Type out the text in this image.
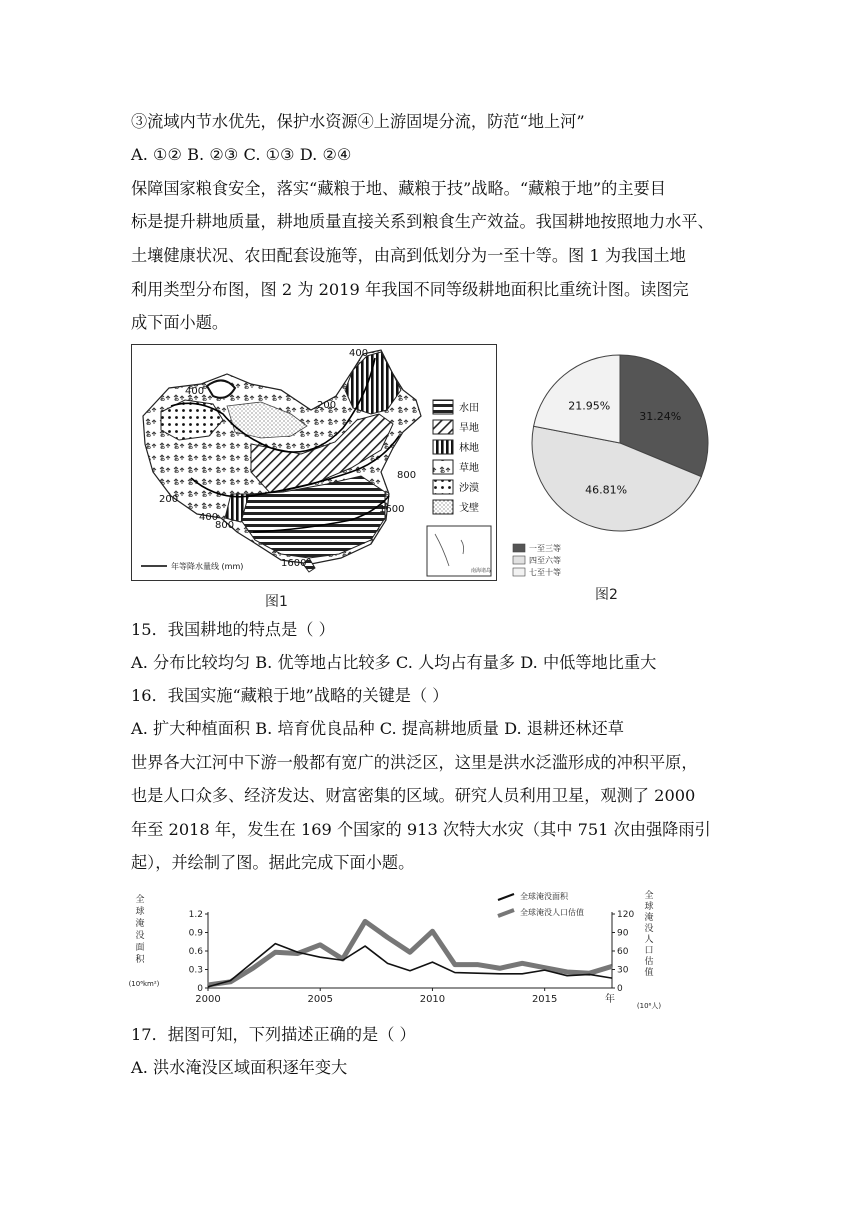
③流域内节水优先，保护水资源④上游固堤分流，防范“地上河”
A. ①② B. ②③ C. ①③ D. ②④
保障国家粮食安全，落实“藏粮于地、藏粮于技”战略。“藏粮于地”的主要目
标是提升耕地质量，耕地质量直接关系到粮食生产效益。我国耕地按照地力水平、
土壤健康状况、农田配套设施等，由高到低划分为一至十等。图 1 为我国土地
利用类型分布图，图 2 为 2019 年我国不同等级耕地面积比重统计图。读图完
成下面小题。
15．我国耕地的特点是（ ）
A. 分布比较均匀 B. 优等地占比较多 C. 人均占有量多 D. 中低等地比重大
16．我国实施“藏粮于地”战略的关键是（ ）
A. 扩大种植面积 B. 培育优良品种 C. 提高耕地质量 D. 退耕还林还草
世界各大江河中下游一般都有宽广的洪泛区，这里是洪水泛滥形成的冲积平原，
也是人口众多、经济发达、财富密集的区域。研究人员利用卫星，观测了 2000
年至 2018 年，发生在 169 个国家的 913 次特大水灾（其中 751 次由强降雨引
起），并绘制了图。据此完成下面小题。
17．据图可知，下列描述正确的是（ ）
A. 洪水淹没区域面积逐年变大
400
400
200
200
800
400
800
1600
1600
水田
旱地
林地
草地
沙漠
戈壁
南海诸岛
年等降水量线 (mm)
图1
31.24%
46.81%
21.95%
一至三等
四至六等
七至十等
图2
0
0.3
0.6
0.9
1.2
0
30
60
90
120
2000	2005	2010	2015	年
全球淹没面积
(10⁶km²)
全球淹没人口估值
(10⁶人)
全球淹没面积
全球淹没人口估值
